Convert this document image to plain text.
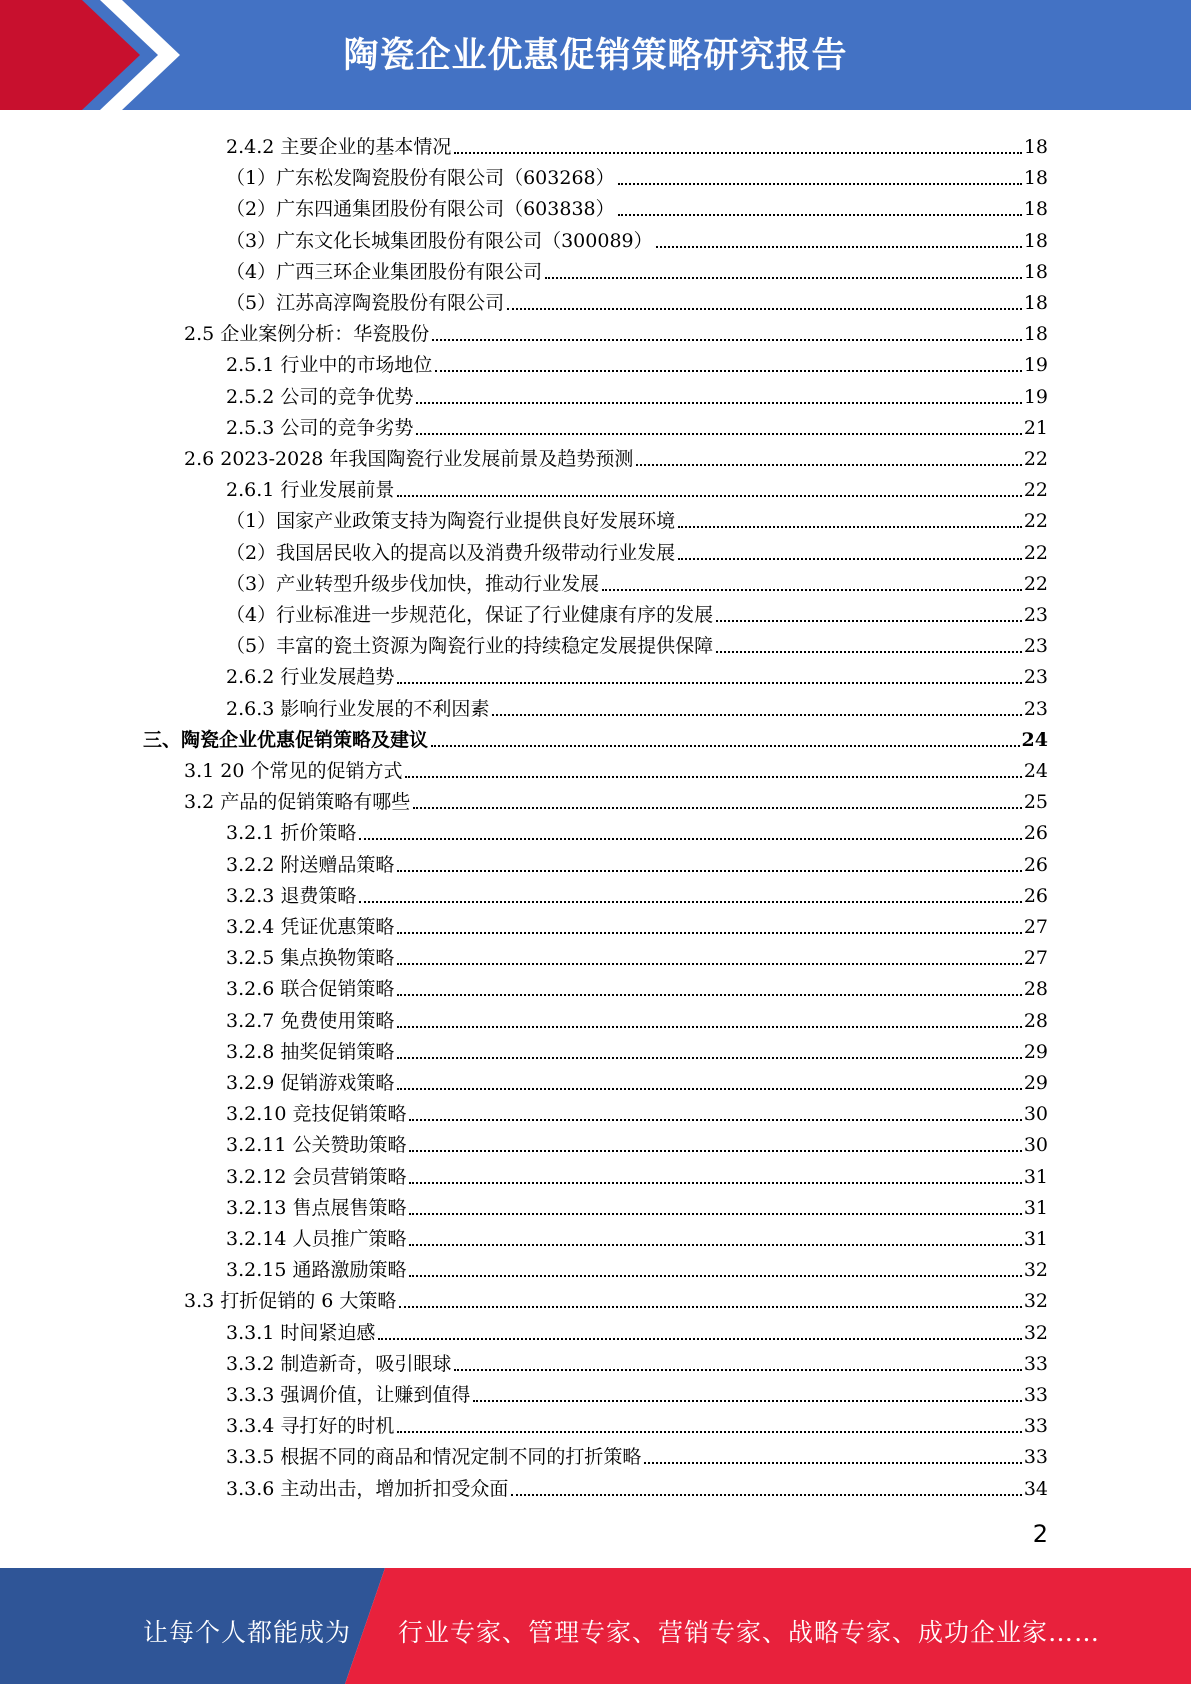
陶瓷企业优惠促销策略研究报告
2.4.2 主要企业的基本情况	18
（1）广东松发陶瓷股份有限公司（603268）	18
（2）广东四通集团股份有限公司（603838）	18
（3）广东文化长城集团股份有限公司（300089）	18
（4）广西三环企业集团股份有限公司	18
（5）江苏高淳陶瓷股份有限公司	18
2.5 企业案例分析：华瓷股份	18
2.5.1 行业中的市场地位	19
2.5.2 公司的竞争优势	19
2.5.3 公司的竞争劣势	21
2.6 2023-2028 年我国陶瓷行业发展前景及趋势预测	22
2.6.1 行业发展前景	22
（1）国家产业政策支持为陶瓷行业提供良好发展环境	22
（2）我国居民收入的提高以及消费升级带动行业发展	22
（3）产业转型升级步伐加快，推动行业发展	22
（4）行业标准进一步规范化，保证了行业健康有序的发展	23
（5）丰富的瓷土资源为陶瓷行业的持续稳定发展提供保障	23
2.6.2 行业发展趋势	23
2.6.3 影响行业发展的不利因素	23
三、陶瓷企业优惠促销策略及建议	24
3.1 20 个常见的促销方式	24
3.2 产品的促销策略有哪些	25
3.2.1 折价策略	26
3.2.2 附送赠品策略	26
3.2.3 退费策略	26
3.2.4 凭证优惠策略	27
3.2.5 集点换物策略	27
3.2.6 联合促销策略	28
3.2.7 免费使用策略	28
3.2.8 抽奖促销策略	29
3.2.9 促销游戏策略	29
3.2.10 竞技促销策略	30
3.2.11 公关赞助策略	30
3.2.12 会员营销策略	31
3.2.13 售点展售策略	31
3.2.14 人员推广策略	31
3.2.15 通路激励策略	32
3.3 打折促销的 6 大策略	32
3.3.1 时间紧迫感	32
3.3.2 制造新奇，吸引眼球	33
3.3.3 强调价值，让赚到值得	33
3.3.4 寻打好的时机	33
3.3.5 根据不同的商品和情况定制不同的打折策略	33
3.3.6 主动出击，增加折扣受众面	34
2
让每个人都能成为 行业专家、管理专家、营销专家、战略专家、成功企业家……
